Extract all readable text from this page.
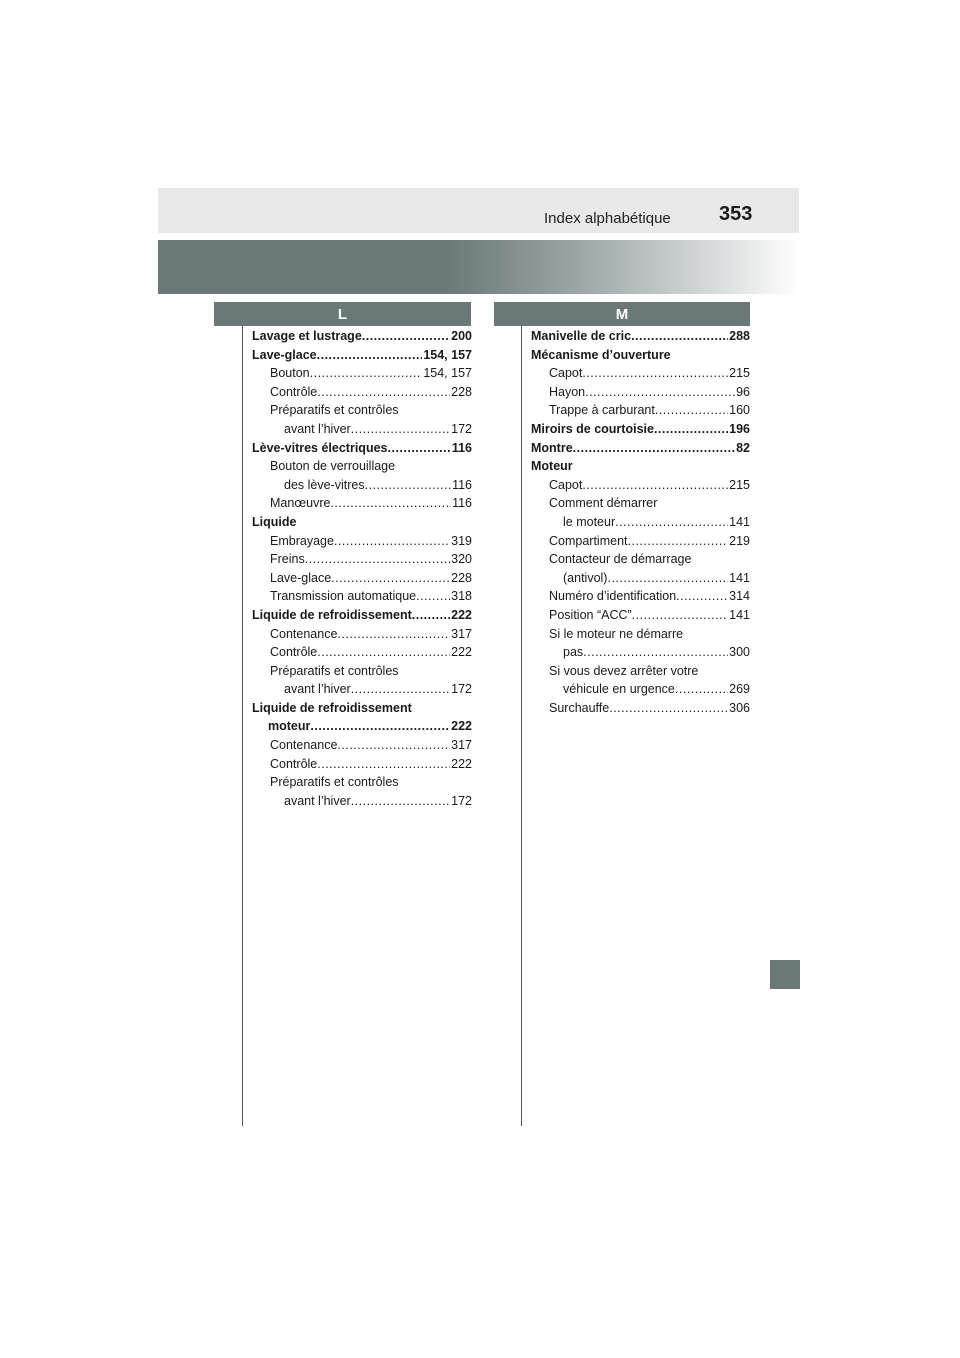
Index alphabétique 353
L	M
Lavage et lustrage .....	200
Lave-glace .....	154, 157
Bouton .....	154, 157
Contrôle .....	228
Préparatifs et contrôles
avant l’hiver .....	172
Lève-vitres électriques .....	116
Bouton de verrouillage
des lève-vitres .....	116
Manœuvre .....	116
Liquide
Embrayage .....	319
Freins .....	320
Lave-glace .....	228
Transmission automatique .....	318
Liquide de refroidissement .....	222
Contenance .....	317
Contrôle .....	222
Préparatifs et contrôles
avant l’hiver .....	172
Liquide de refroidissement
moteur .....	222
Contenance .....	317
Contrôle .....	222
Préparatifs et contrôles
avant l’hiver .....	172
Manivelle de cric .....	288
Mécanisme d’ouverture
Capot .....	215
Hayon .....	96
Trappe à carburant .....	160
Miroirs de courtoisie .....	196
Montre .....	82
Moteur
Capot .....	215
Comment démarrer
le moteur .....	141
Compartiment .....	219
Contacteur de démarrage
(antivol) .....	141
Numéro d’identification .....	314
Position “ACC” .....	141
Si le moteur ne démarre
pas .....	300
Si vous devez arrêter votre
véhicule en urgence .....	269
Surchauffe .....	306
